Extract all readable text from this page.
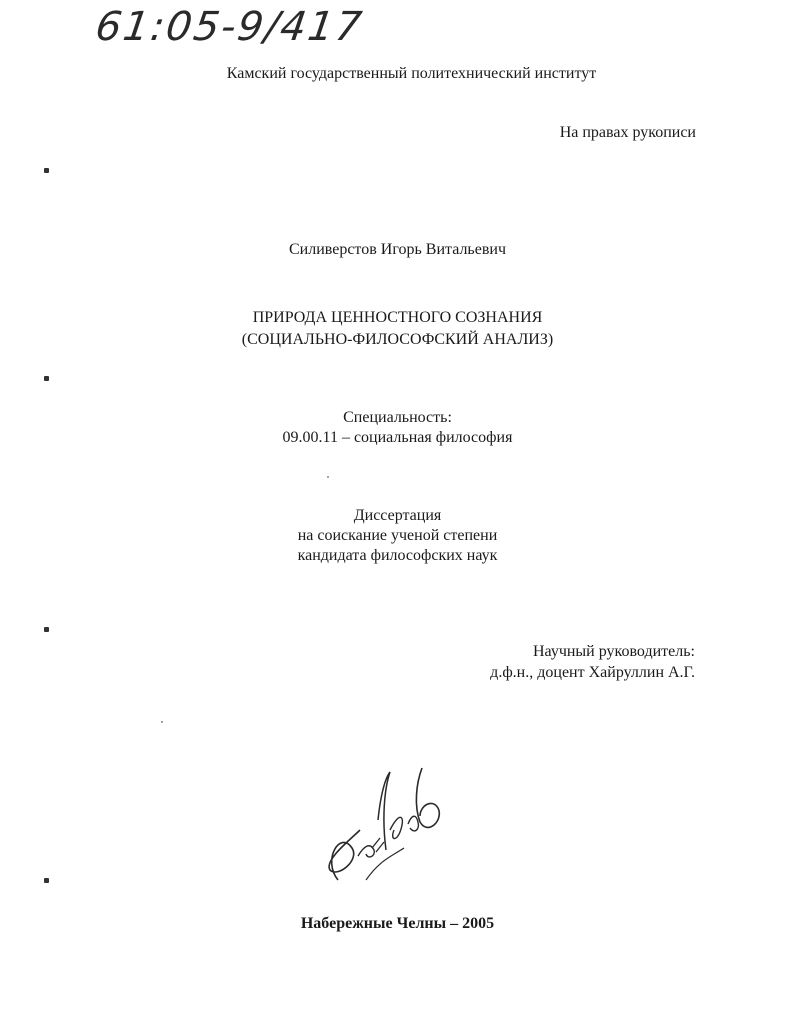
61:05-9/417
Камский государственный политехнический институт
На правах рукописи
Силиверстов Игорь Витальевич
ПРИРОДА ЦЕННОСТНОГО СОЗНАНИЯ
(СОЦИАЛЬНО-ФИЛОСОФСКИЙ АНАЛИЗ)
Специальность:
09.00.11 – социальная философия
Диссертация
на соискание ученой степени
кандидата философских наук
Научный руководитель:
д.ф.н., доцент Хайруллин А.Г.
Набережные Челны – 2005
